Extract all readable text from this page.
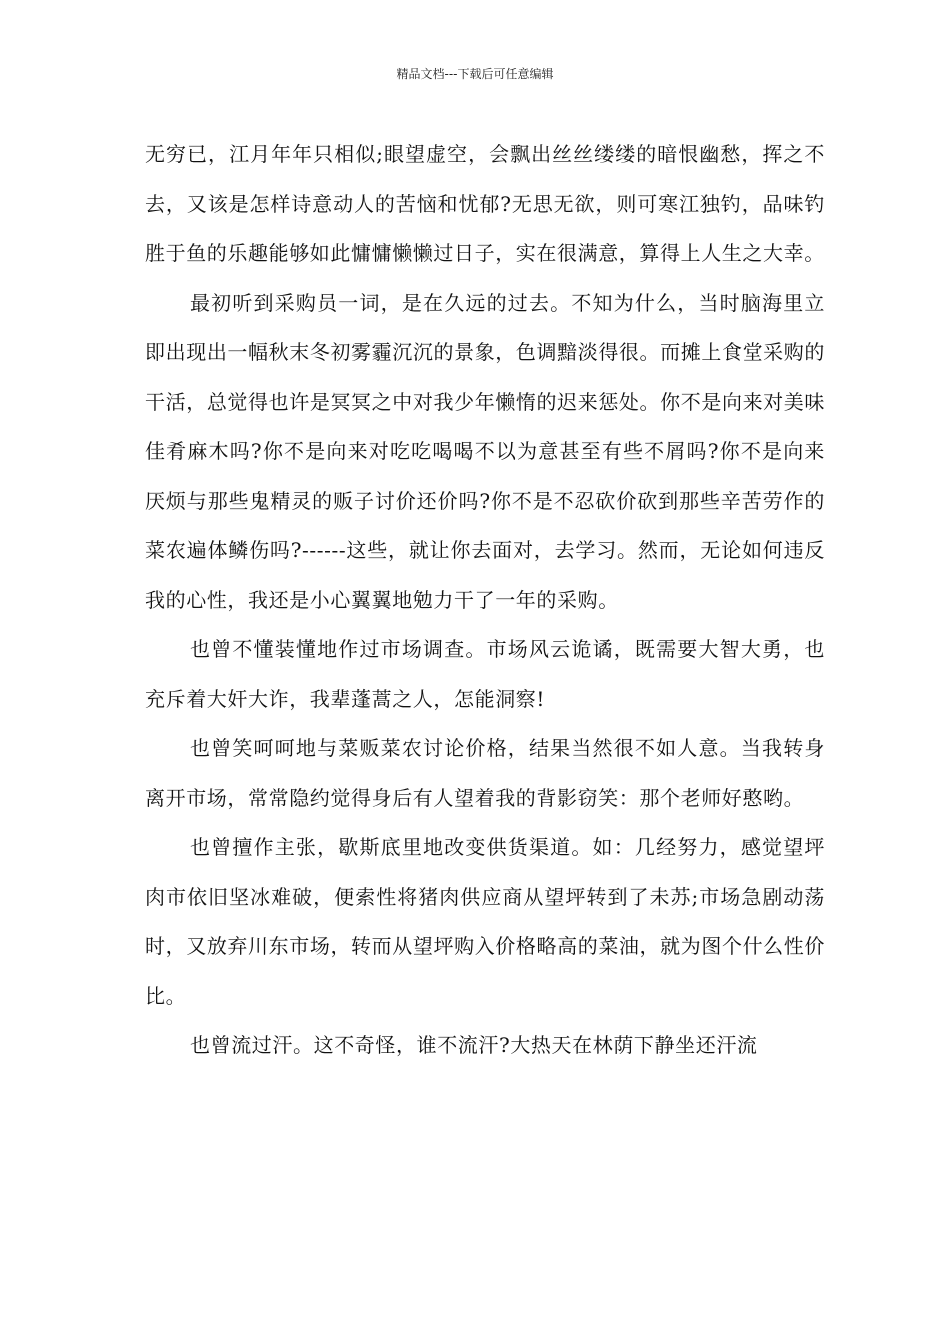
精品文档---下载后可任意编辑

无穷已，江月年年只相似;眼望虚空，会飘出丝丝缕缕的暗恨幽愁，挥之不去，又该是怎样诗意动人的苦恼和忧郁?无思无欲，则可寒江独钓，品味钓胜于鱼的乐趣能够如此慵慵懒懒过日子，实在很满意，算得上人生之大幸。

最初听到采购员一词，是在久远的过去。不知为什么，当时脑海里立即出现出一幅秋末冬初雾霾沉沉的景象，色调黯淡得很。而摊上食堂采购的干活，总觉得也许是冥冥之中对我少年懒惰的迟来惩处。你不是向来对美味佳肴麻木吗?你不是向来对吃吃喝喝不以为意甚至有些不屑吗?你不是向来厌烦与那些鬼精灵的贩子讨价还价吗?你不是不忍砍价砍到那些辛苦劳作的菜农遍体鳞伤吗?------这些，就让你去面对，去学习。然而，无论如何违反我的心性，我还是小心翼翼地勉力干了一年的采购。

也曾不懂装懂地作过市场调查。市场风云诡谲，既需要大智大勇，也充斥着大奸大诈，我辈蓬蒿之人，怎能洞察!

也曾笑呵呵地与菜贩菜农讨论价格，结果当然很不如人意。当我转身离开市场，常常隐约觉得身后有人望着我的背影窃笑：那个老师好憨哟。

也曾擅作主张，歇斯底里地改变供货渠道。如：几经努力，感觉望坪肉市依旧坚冰难破，便索性将猪肉供应商从望坪转到了未苏;市场急剧动荡时，又放弃川东市场，转而从望坪购入价格略高的菜油，就为图个什么性价比。

也曾流过汗。这不奇怪，谁不流汗?大热天在林荫下静坐还汗流
